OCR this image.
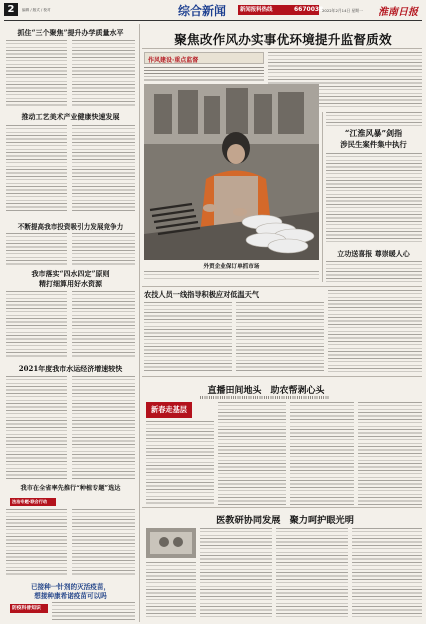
2	编辑 / 版式 / 校对	综合新闻	新闻报料热线	6670038
2022年2月14日 星期一	淮南日报
抓住“三个聚焦”提升办学质量水平
推动工艺美术产业健康快速发展
不断提高我市投资吸引力发展竞争力
我市落实“四水四定”原则
精打细算用好水资源
2021年度我市水运经济增速较快
我市在全省率先推行“种植专题”选达
法治专题·联合行动
已接种一针剂的灭活疫苗，
想接种康希诺疫苗可以吗
防疫科普知识
聚焦改作风办实事优环境提升监督质效
作风建设·重点监督
外贸企业保订单抓市场
“江淮风暴”剑指
涉民生案件集中执行
立功送喜报 尊崇暖人心
农技人员一线指导积极应对低温天气
直播田间地头　助农帮剥心头
新春走基层
医教研协同发展　聚力呵护眼光明
